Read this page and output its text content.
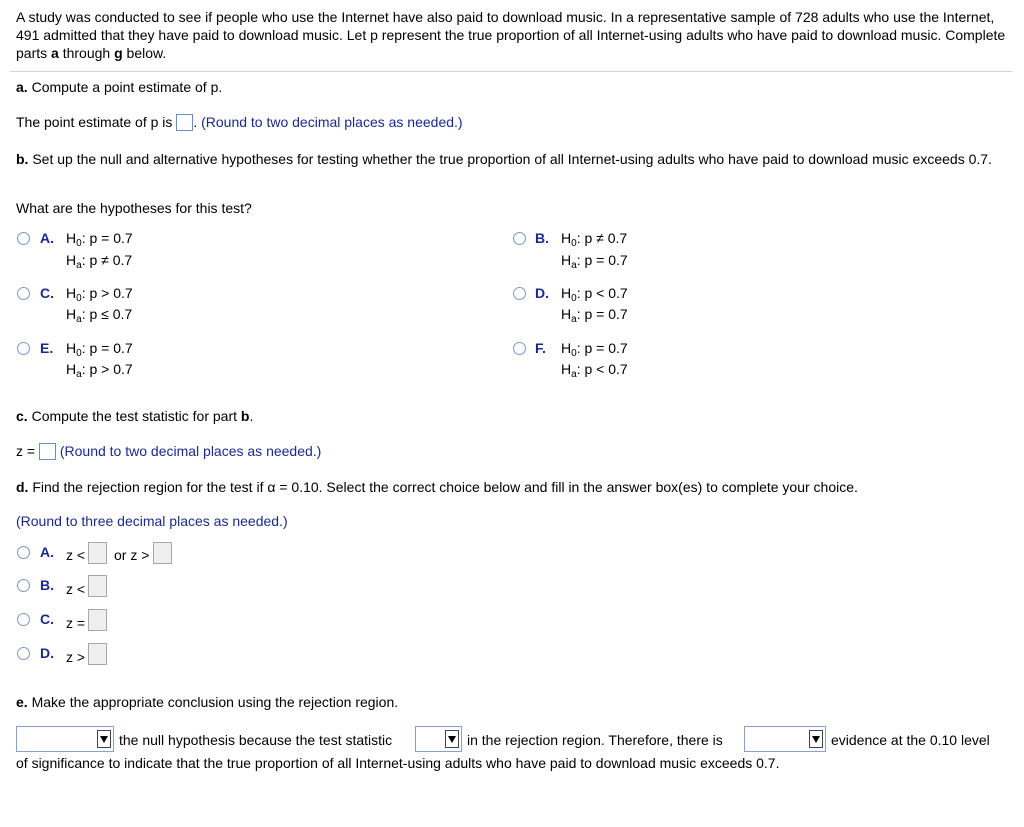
A study was conducted to see if people who use the Internet have also paid to download music. In a representative sample of 728 adults who use the Internet, 491 admitted that they have paid to download music. Let p represent the true proportion of all Internet-using adults who have paid to download music. Complete parts a through g below.
a. Compute a point estimate of p.
The point estimate of p is . (Round to two decimal places as needed.)
b. Set up the null and alternative hypotheses for testing whether the true proportion of all Internet-using adults who have paid to download music exceeds 0.7.
What are the hypotheses for this test?
A. $H_0$: p = 0.7
$H_a$: p ≠ 0.7
B. $H_0$: p ≠ 0.7
$H_a$: p = 0.7
C. $H_0$: p > 0.7
$H_a$: p ≤ 0.7
D. $H_0$: p < 0.7
$H_a$: p = 0.7
E. $H_0$: p = 0.7
$H_a$: p > 0.7
F. $H_0$: p = 0.7
$H_a$: p < 0.7
c. Compute the test statistic for part b.
z = (Round to two decimal places as needed.)
d. Find the rejection region for the test if α = 0.10. Select the correct choice below and fill in the answer box(es) to complete your choice.
(Round to three decimal places as needed.)
A. z < or z >
B. z <
C. z =
D. z >
e. Make the appropriate conclusion using the rejection region.
the null hypothesis because the test statistic	in the rejection region. Therefore, there is	evidence at the 0.10 level
of significance to indicate that the true proportion of all Internet-using adults who have paid to download music exceeds 0.7.
